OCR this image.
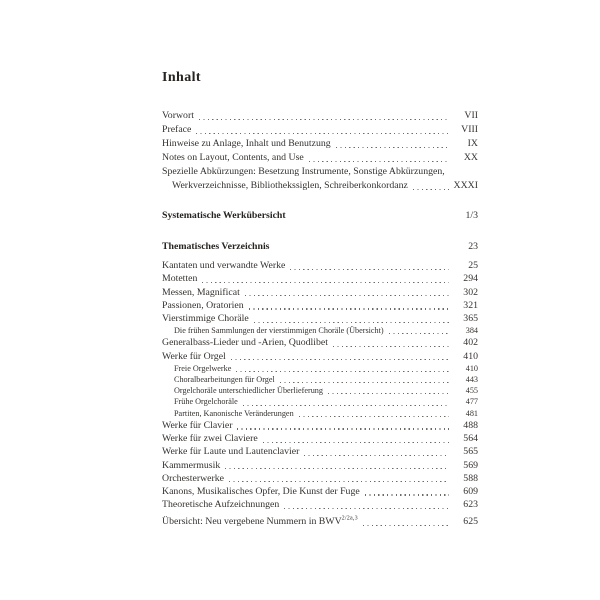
Inhalt
Vorwort	VII
Preface	VIII
Hinweise zu Anlage, Inhalt und Benutzung	IX
Notes on Layout, Contents, and Use	XX
Spezielle Abkürzungen: Besetzung Instrumente, Sonstige Abkürzungen,
Werkverzeichnisse, Bibliothekssiglen, Schreiberkonkordanz	XXXI
Systematische Werkübersicht	1/3
Thematisches Verzeichnis	23
Kantaten und verwandte Werke	25
Motetten	294
Messen, Magnificat	302
Passionen, Oratorien	321
Vierstimmige Choräle	365
Die frühen Sammlungen der vierstimmigen Choräle (Übersicht)	384
Generalbass-Lieder und -Arien, Quodlibet	402
Werke für Orgel	410
Freie Orgelwerke	410
Choralbearbeitungen für Orgel	443
Orgelchoräle unterschiedlicher Überlieferung	455
Frühe Orgelchoräle	477
Partiten, Kanonische Veränderungen	481
Werke für Clavier	488
Werke für zwei Claviere	564
Werke für Laute und Lautenclavier	565
Kammermusik	569
Orchesterwerke	588
Kanons, Musikalisches Opfer, Die Kunst der Fuge	609
Theoretische Aufzeichnungen	623
Übersicht: Neu vergebene Nummern in $BWV^{2/2a,3}$	625
